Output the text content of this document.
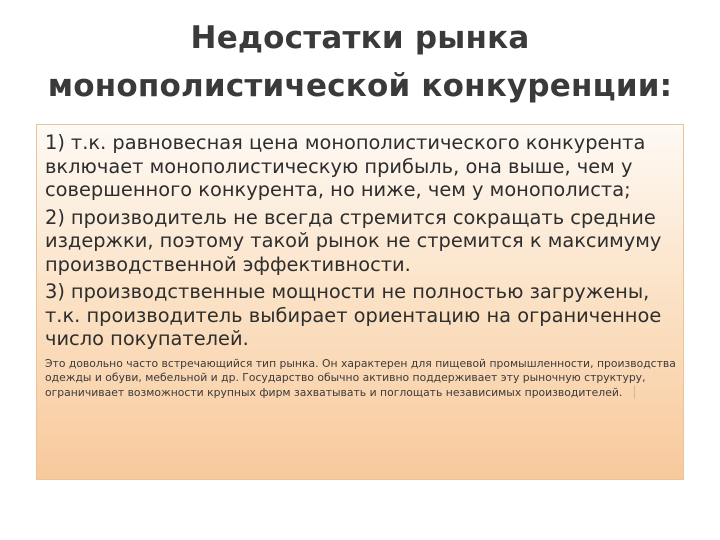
Недостатки рынка
монополистической конкуренции:

1) т.к. равновесная цена монополистического конкурента включает монополистическую прибыль, она выше, чем у совершенного конкурента, но ниже, чем у монополиста;

2) производитель не всегда стремится сокращать средние издержки, поэтому такой рынок не стремится к максимуму производственной эффективности.

3) производственные мощности не полностью загружены, т.к. производитель выбирает ориентацию на ограниченное число покупателей.

Это довольно часто встречающийся тип рынка. Он характерен для пищевой промышленности, производства одежды и обуви, мебельной и др. Государство обычно активно поддерживает эту рыночную структуру, ограничивает возможности крупных фирм захватывать и поглощать независимых производителей.
